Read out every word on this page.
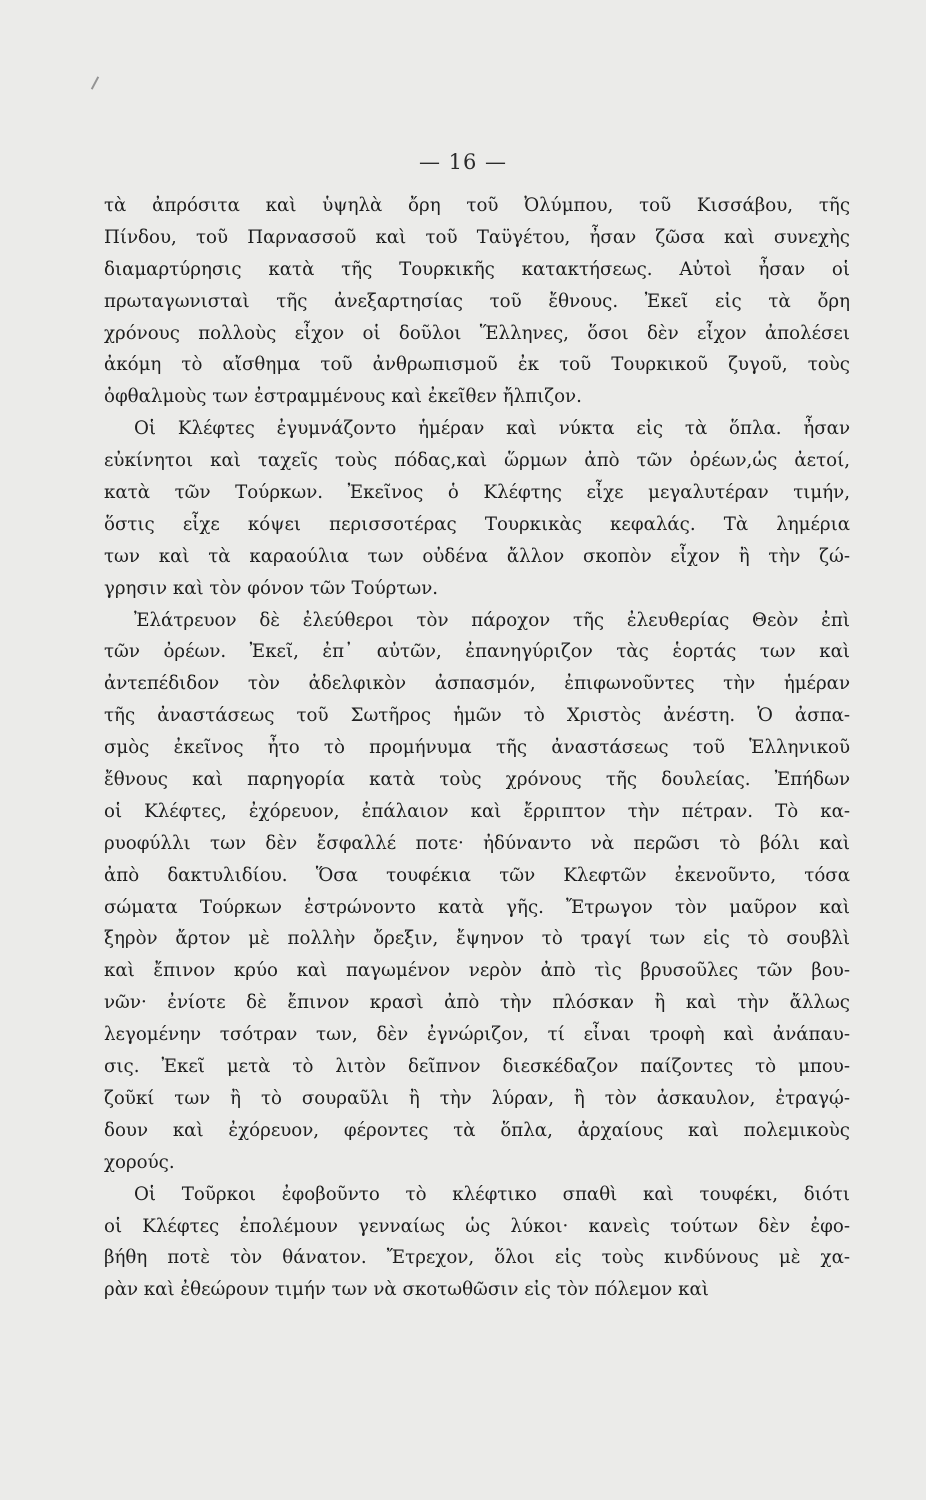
— 16 —
τὰ ἀπρόσιτα καὶ ὑψηλὰ ὄρη τοῦ Ὀλύμπου, τοῦ Κισσάβου, τῆς
Πίνδου, τοῦ Παρνασσοῦ καὶ τοῦ Ταϋγέτου, ἦσαν ζῶσα καὶ συνεχὴς
διαμαρτύρησις κατὰ τῆς Τουρκικῆς κατακτήσεως. Αὐτοὶ ἦσαν οἱ
πρωταγωνισταὶ τῆς ἀνεξαρτησίας τοῦ ἔθνους. Ἐκεῖ εἰς τὰ ὄρη
χρόνους πολλοὺς εἶχον οἱ δοῦλοι Ἕλληνες, ὅσοι δὲν εἶχον ἀπολέσει
ἀκόμη τὸ αἴσθημα τοῦ ἀνθρωπισμοῦ ἐκ τοῦ Τουρκικοῦ ζυγοῦ, τοὺς
ὀφθαλμοὺς των ἐστραμμένους καὶ ἐκεῖθεν ἤλπιζον.
Οἱ Κλέφτες ἐγυμνάζοντο ἡμέραν καὶ νύκτα εἰς τὰ ὅπλα. ἦσαν
εὐκίνητοι καὶ ταχεῖς τοὺς πόδας,καὶ ὥρμων ἀπὸ τῶν ὀρέων,ὡς ἀετοί,
κατὰ τῶν Τούρκων. Ἐκεῖνος ὁ Κλέφτης εἶχε μεγαλυτέραν τιμήν,
ὅστις εἶχε κόψει περισσοτέρας Τουρκικὰς κεφαλάς. Τὰ λημέρια
των καὶ τὰ καραούλια των οὐδένα ἄλλον σκοπὸν εἶχον ἢ τὴν ζώ-
γρησιν καὶ τὸν φόνον τῶν Τούρτων.
Ἐλάτρευον δὲ ἐλεύθεροι τὸν πάροχον τῆς ἐλευθερίας Θεὸν ἐπὶ
τῶν ὀρέων. Ἐκεῖ, ἐπ᾽ αὐτῶν, ἐπανηγύριζον τὰς ἑορτάς των καὶ
ἀντεπέδιδον τὸν ἀδελφικὸν ἀσπασμόν, ἐπιφωνοῦντες τὴν ἡμέραν
τῆς ἀναστάσεως τοῦ Σωτῆρος ἡμῶν τὸ Χριστὸς ἀνέστη. Ὁ ἀσπα-
σμὸς ἐκεῖνος ἦτο τὸ προμήνυμα τῆς ἀναστάσεως τοῦ Ἑλληνικοῦ
ἔθνους καὶ παρηγορία κατὰ τοὺς χρόνους τῆς δουλείας. Ἐπήδων
οἱ Κλέφτες, ἐχόρευον, ἐπάλαιον καὶ ἔρριπτον τὴν πέτραν. Τὸ κα-
ρυοφύλλι των δὲν ἔσφαλλέ ποτε· ἠδύναντο νὰ περῶσι τὸ βόλι καὶ
ἀπὸ δακτυλιδίου. Ὅσα τουφέκια τῶν Κλεφτῶν ἐκενοῦντο, τόσα
σώματα Τούρκων ἐστρώνοντο κατὰ γῆς. Ἔτρωγον τὸν μαῦρον καὶ
ξηρὸν ἄρτον μὲ πολλὴν ὄρεξιν, ἔψηνον τὸ τραγί των εἰς τὸ σουβλὶ
καὶ ἔπινον κρύο καὶ παγωμένον νερὸν ἀπὸ τὶς βρυσοῦλες τῶν βου-
νῶν· ἐνίοτε δὲ ἔπινον κρασὶ ἀπὸ τὴν πλόσκαν ἢ καὶ τὴν ἄλλως
λεγομένην τσότραν των, δὲν ἐγνώριζον, τί εἶναι τροφὴ καὶ ἀνάπαυ-
σις. Ἐκεῖ μετὰ τὸ λιτὸν δεῖπνον διεσκέδαζον παίζοντες τὸ μπου-
ζοῦκί των ἢ τὸ σουραῦλι ἢ τὴν λύραν, ἢ τὸν ἀσκαυλον, ἐτραγῴ-
δουν καὶ ἐχόρευον, φέροντες τὰ ὅπλα, ἀρχαίους καὶ πολεμικοὺς
χορούς.
Οἱ Τοῦρκοι ἐφοβοῦντο τὸ κλέφτικο σπαθὶ καὶ τουφέκι, διότι
οἱ Κλέφτες ἐπολέμουν γενναίως ὡς λύκοι· κανεὶς τούτων δὲν ἐφο-
βήθη ποτὲ τὸν θάνατον. Ἔτρεχον, ὅλοι εἰς τοὺς κινδύνους μὲ χα-
ρὰν καὶ ἐθεώρουν τιμήν των νὰ σκοτωθῶσιν εἰς τὸν πόλεμον καὶ
